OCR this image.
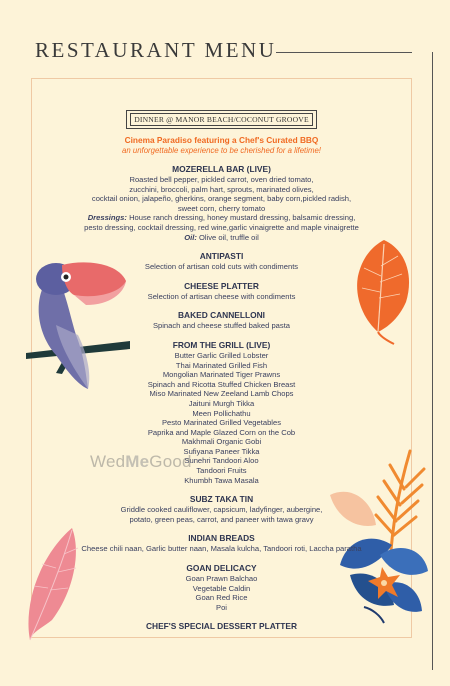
RESTAURANT MENU
DINNER @ MANOR BEACH/COCONUT GROOVE
Cinema Paradiso featuring a Chef's Curated BBQ
an unforgettable experience to be cherished for a lifetime!
MOZERELLA BAR (LIVE)
Roasted bell pepper, pickled carrot, oven dried tomato,
zucchini, broccoli, palm hart, sprouts, marinated olives,
cocktail onion, jalapeño, gherkins, orange segment, baby corn,pickled radish,
sweet corn, cherry tomato
Dressings: House ranch dressing, honey mustard dressing, balsamic dressing,
pesto dressing, cocktail dressing, red wine,garlic vinaigrette and maple vinaigrette
Oil: Olive oil, truffle oil
ANTIPASTI
Selection of artisan cold cuts with condiments
CHEESE PLATTER
Selection of artisan cheese with condiments
BAKED CANNELLONI
Spinach and cheese stuffed baked pasta
FROM THE GRILL (LIVE)
Butter Garlic Grilled Lobster
Thai Marinated Grilled Fish
Mongolian Marinated Tiger Prawns
Spinach and Ricotta Stuffed Chicken Breast
Miso Marinated New Zeeland Lamb Chops
Jaituni Murgh Tikka
Meen Pollichathu
Pesto Marinated Grilled Vegetables
Paprika and Maple Glazed Corn on the Cob
Makhmali Organic Gobi
Sufiyana Paneer Tikka
Sunehri Tandoori Aloo
Tandoori Fruits
Khumbh Tawa Masala
SUBZ TAKA TIN
Griddle cooked cauliflower, capsicum, ladyfinger, aubergine,
potato, green peas, carrot, and paneer with tawa gravy
INDIAN BREADS
Cheese chili naan, Garlic butter naan, Masala kulcha, Tandoori roti, Laccha paratha
GOAN DELICACY
Goan Prawn Balchao
Vegetable Caldin
Goan Red Rice
Poi
CHEF'S SPECIAL DESSERT PLATTER
WedMeGood
